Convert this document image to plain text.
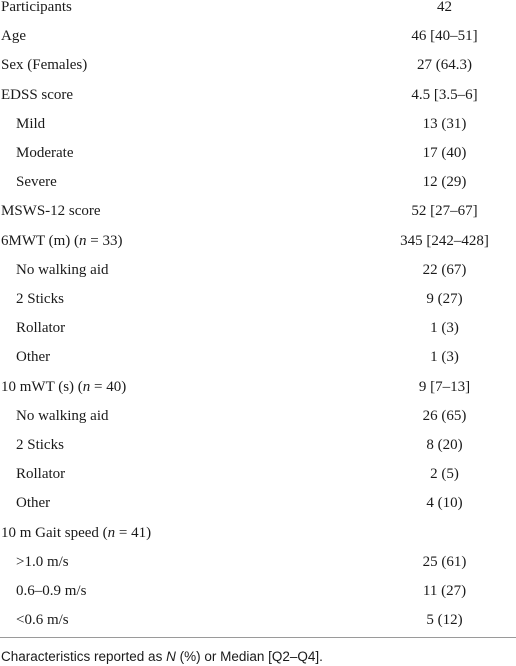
Participants	42
Age	46 [40–51]
Sex (Females)	27 (64.3)
EDSS score	4.5 [3.5–6]
Mild	13 (31)
Moderate	17 (40)
Severe	12 (29)
MSWS-12 score	52 [27–67]
6MWT (m) (n = 33)	345 [242–428]
No walking aid	22 (67)
2 Sticks	9 (27)
Rollator	1 (3)
Other	1 (3)
10 mWT (s) (n = 40)	9 [7–13]
No walking aid	26 (65)
2 Sticks	8 (20)
Rollator	2 (5)
Other	4 (10)
10 m Gait speed (n = 41)
>1.0 m/s	25 (61)
0.6–0.9 m/s	11 (27)
<0.6 m/s	5 (12)
Characteristics reported as N (%) or Median [Q2–Q4].
